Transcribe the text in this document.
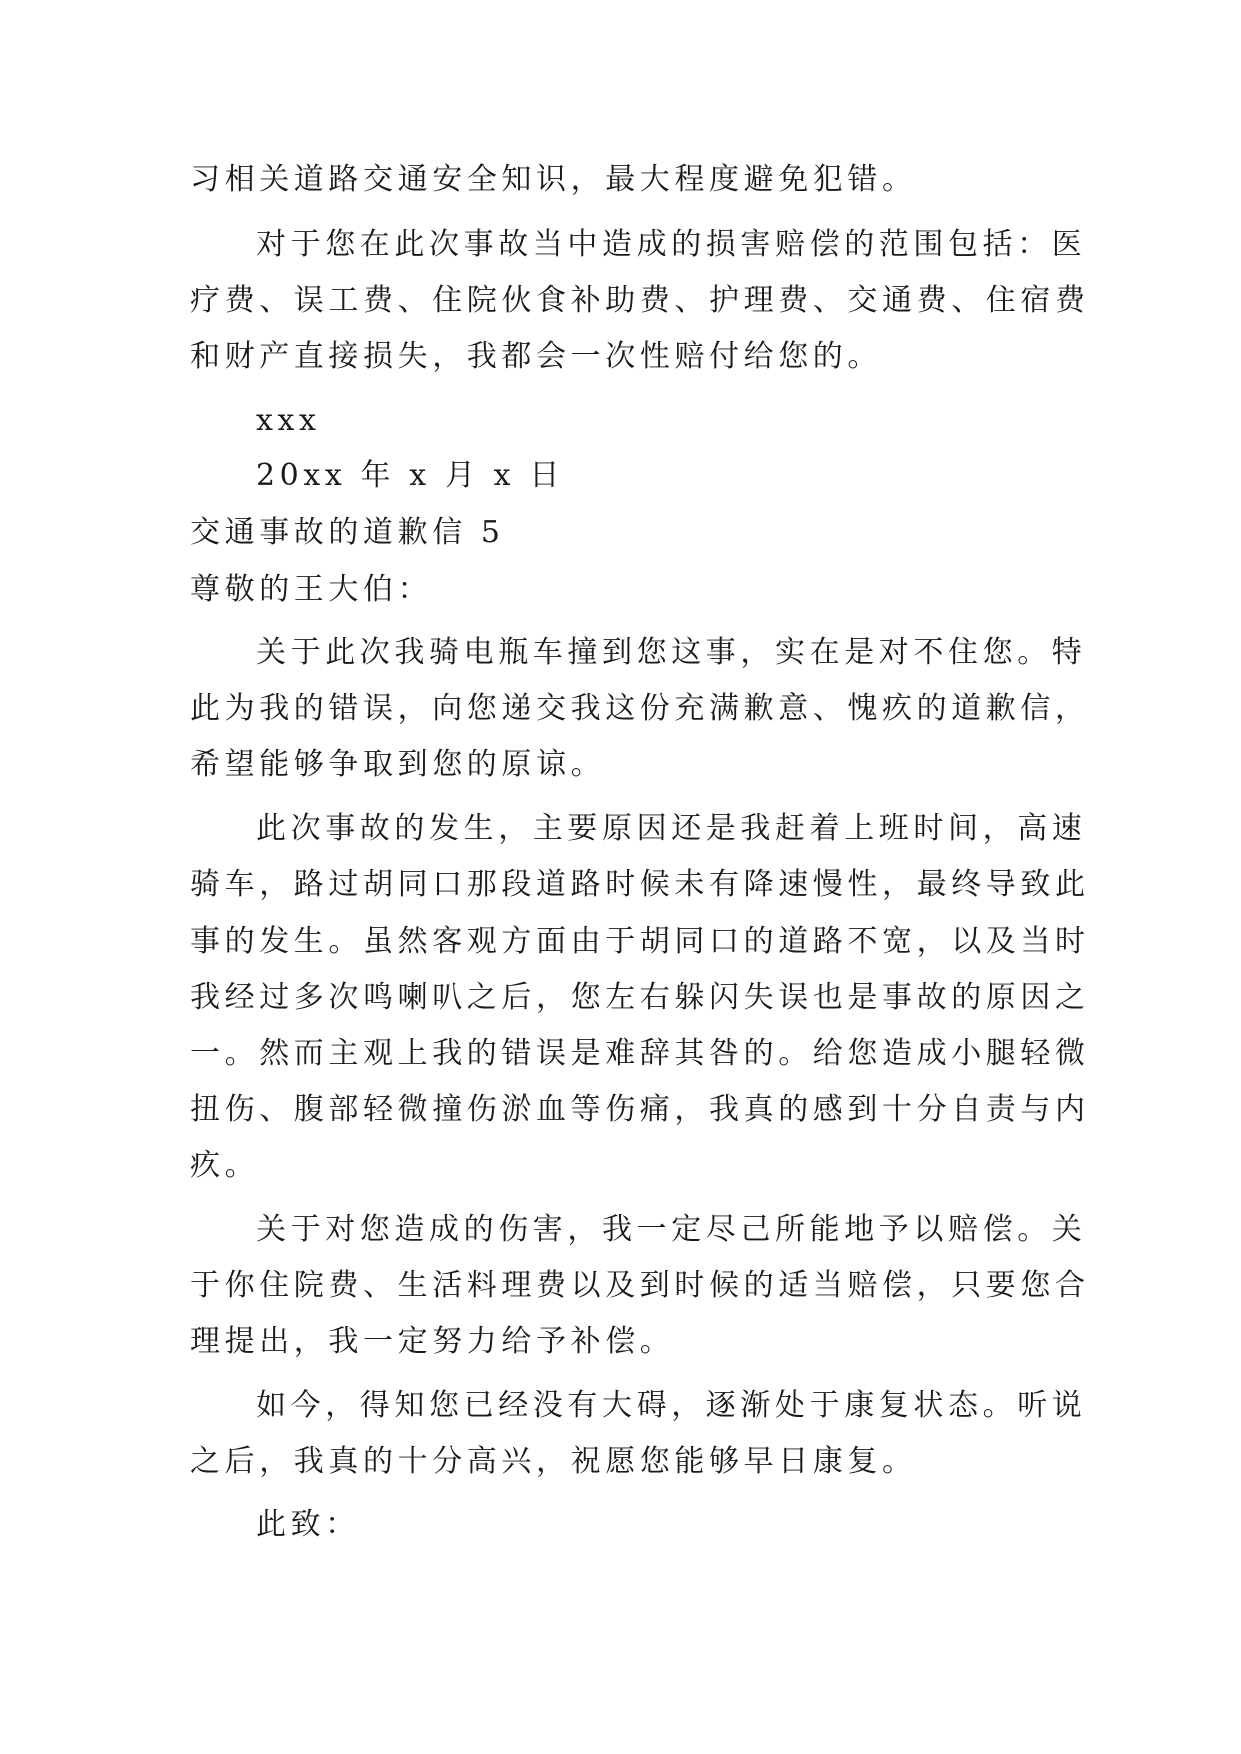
习相关道路交通安全知识，最大程度避免犯错。
对于您在此次事故当中造成的损害赔偿的范围包括：医
疗费、误工费、住院伙食补助费、护理费、交通费、住宿费
和财产直接损失，我都会一次性赔付给您的。
xxx
20xx 年 x 月 x 日
交通事故的道歉信 5
尊敬的王大伯：
关于此次我骑电瓶车撞到您这事，实在是对不住您。特
此为我的错误，向您递交我这份充满歉意、愧疚的道歉信，
希望能够争取到您的原谅。
此次事故的发生，主要原因还是我赶着上班时间，高速
骑车，路过胡同口那段道路时候未有降速慢性，最终导致此
事的发生。虽然客观方面由于胡同口的道路不宽，以及当时
我经过多次鸣喇叭之后，您左右躲闪失误也是事故的原因之
一。然而主观上我的错误是难辞其咎的。给您造成小腿轻微
扭伤、腹部轻微撞伤淤血等伤痛，我真的感到十分自责与内
疚。
关于对您造成的伤害，我一定尽己所能地予以赔偿。关
于你住院费、生活料理费以及到时候的适当赔偿，只要您合
理提出，我一定努力给予补偿。
如今，得知您已经没有大碍，逐渐处于康复状态。听说
之后，我真的十分高兴，祝愿您能够早日康复。
此致：
